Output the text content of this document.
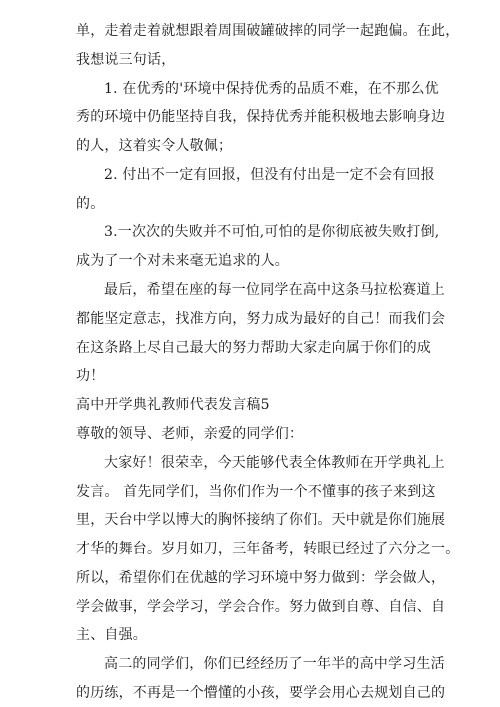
单，走着走着就想跟着周围破罐破摔的同学一起跑偏。在此，
我想说三句话，
1. 在优秀的'环境中保持优秀的品质不难，在不那么优
秀的环境中仍能坚持自我，保持优秀并能积极地去影响身边
的人，这着实令人敬佩；
2. 付出不一定有回报，但没有付出是一定不会有回报
的。
3.一次次的失败并不可怕,可怕的是你彻底被失败打倒,
成为了一个对未来毫无追求的人。
最后，希望在座的每一位同学在高中这条马拉松赛道上
都能坚定意志，找准方向，努力成为最好的自己！而我们会
在这条路上尽自己最大的努力帮助大家走向属于你们的成
功！
高中开学典礼教师代表发言稿5
尊敬的领导、老师，亲爱的同学们：
大家好！很荣幸，今天能够代表全体教师在开学典礼上
发言。 首先同学们，当你们作为一个不懂事的孩子来到这
里，天台中学以博大的胸怀接纳了你们。天中就是你们施展
才华的舞台。岁月如刀，三年备考，转眼已经过了六分之一。
所以，希望你们在优越的学习环境中努力做到：学会做人，
学会做事，学会学习，学会合作。努力做到自尊、自信、自
主、自强。
高二的同学们，你们已经经历了一年半的高中学习生活
的历练，不再是一个懵懂的小孩，要学会用心去规划自己的
